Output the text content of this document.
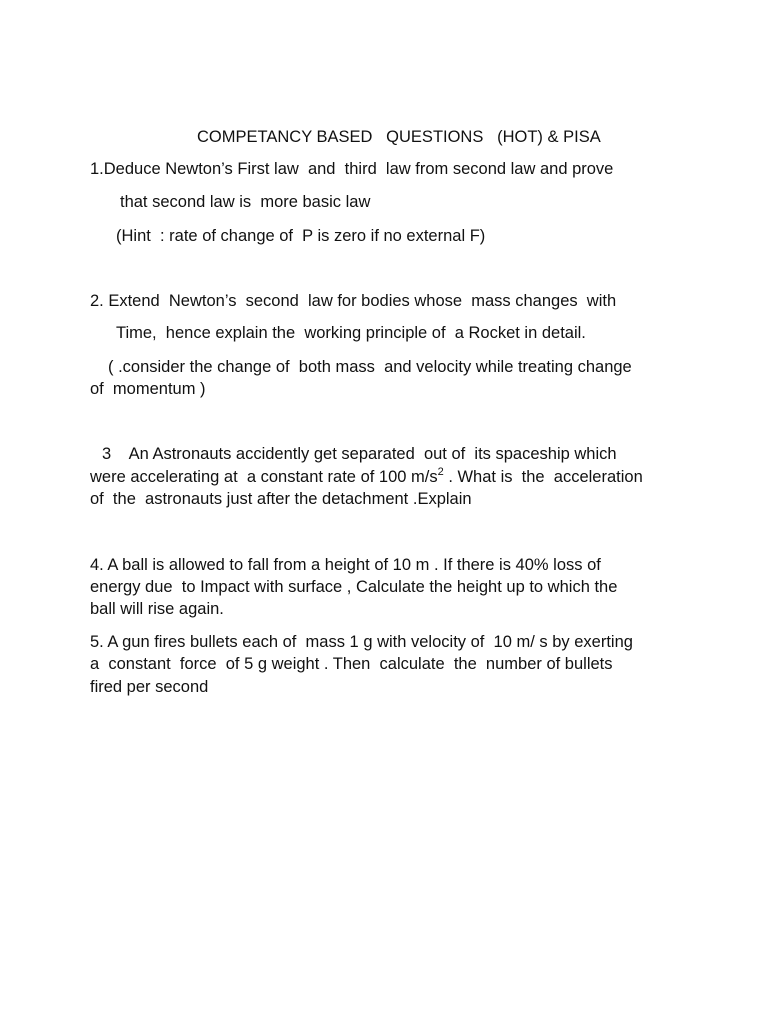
COMPETANCY BASED   QUESTIONS   (HOT) & PISA

1.Deduce Newton’s First law  and  third  law from second law and prove

that second law is  more basic law

(Hint  : rate of change of  P is zero if no external F)

2. Extend  Newton’s  second  law for bodies whose  mass changes  with

Time,  hence explain the  working principle of  a Rocket in detail.

( .consider the change of  both mass  and velocity while treating change

of  momentum )

3    An Astronauts accidently get separated  out of  its spaceship which

were accelerating at  a constant rate of 100 $m/s^2$ . What is  the  acceleration

of  the  astronauts just after the detachment .Explain

4. A ball is allowed to fall from a height of 10 m . If there is 40% loss of

energy due  to Impact with surface , Calculate the height up to which the

ball will rise again.

5. A gun fires bullets each of  mass 1 g with velocity of  10 m/ s by exerting

a  constant  force  of 5 g weight . Then  calculate  the  number of bullets

fired per second
